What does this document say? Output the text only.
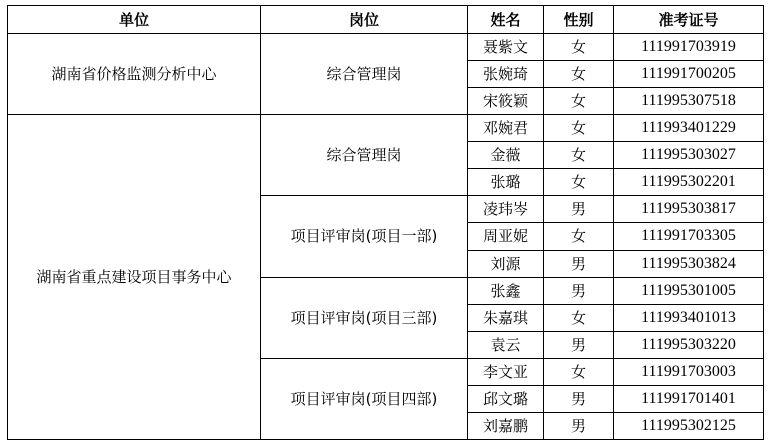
单位	岗位	姓名	性别	准考证号
湖南省价格监测分析中心	综合管理岗	聂紫文	女	111991703919
		张婉琦	女	111991700205
		宋筱颖	女	111995307518
湖南省重点建设项目事务中心	综合管理岗	邓婉君	女	111993401229
		金薇	女	111995303027
		张璐	女	111995302201
	项目评审岗(项目一部)	凌玮岑	男	111995303817
		周亚妮	女	111991703305
		刘源	男	111995303824
	项目评审岗(项目三部)	张鑫	男	111995301005
		朱嘉琪	女	111993401013
		袁云	男	111995303220
	项目评审岗(项目四部)	李文亚	女	111991703003
		邱文璐	男	111991701401
		刘嘉鹏	男	111995302125
